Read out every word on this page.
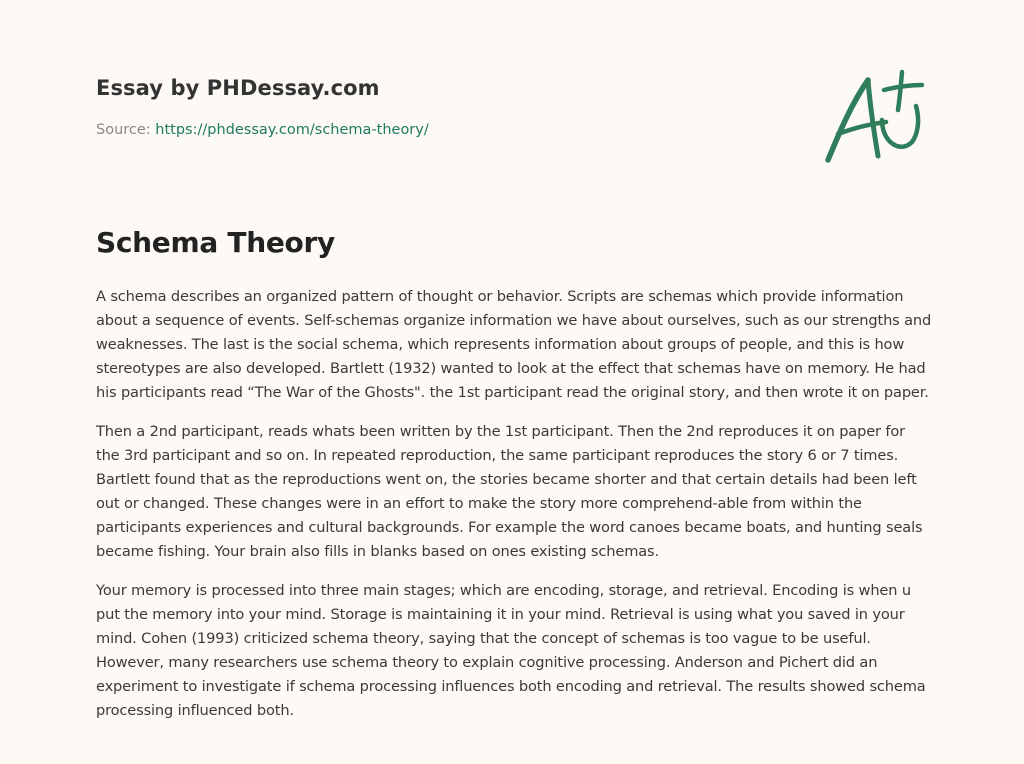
Essay by PHDessay.com
Source: https://phdessay.com/schema-theory/
Schema Theory

A schema describes an organized pattern of thought or behavior. Scripts are schemas which provide information about a sequence of events. Self-schemas organize information we have about ourselves, such as our strengths and weaknesses. The last is the social schema, which represents information about groups of people, and this is how stereotypes are also developed. Bartlett (1932) wanted to look at the effect that schemas have on memory. He had his participants read “The War of the Ghosts". the 1st participant read the original story, and then wrote it on paper.

Then a 2nd participant, reads whats been written by the 1st participant. Then the 2nd reproduces it on paper for the 3rd participant and so on. In repeated reproduction, the same participant reproduces the story 6 or 7 times. Bartlett found that as the reproductions went on, the stories became shorter and that certain details had been left out or changed. These changes were in an effort to make the story more comprehend-able from within the participants experiences and cultural backgrounds. For example the word canoes became boats, and hunting seals became fishing. Your brain also fills in blanks based on ones existing schemas.

Your memory is processed into three main stages; which are encoding, storage, and retrieval. Encoding is when u put the memory into your mind. Storage is maintaining it in your mind. Retrieval is using what you saved in your mind. Cohen (1993) criticized schema theory, saying that the concept of schemas is too vague to be useful. However, many researchers use schema theory to explain cognitive processing. Anderson and Pichert did an experiment to investigate if schema processing influences both encoding and retrieval. The results showed schema processing influenced both.
